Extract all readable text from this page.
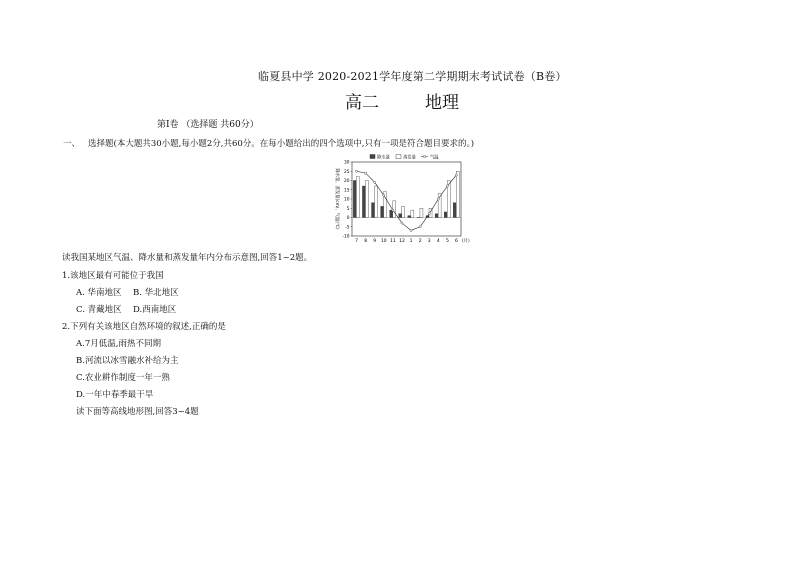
临夏县中学 2020-2021学年度第二学期期末考试试卷（B卷）
高二	地理
第Ⅰ卷 （选择题 共60分）
一、 选择题(本大题共30小题,每小题2分,共60分。在每小题给出的四个选项中,只有一项是符合题目要求的。)
降水量	蒸发量	气温
-10
-5
0
5
10
15
20
25
30
降水量、蒸发量(cm)、气温(℃)
7 8 9 10 11 12 1 2 3 4 5 6 (月)
读我国某地区气温、降水量和蒸发量年内分布示意图,回答1~2题。
1.该地区最有可能位于我国
A. 华南地区 B. 华北地区
C. 青藏地区 D.西南地区
2.下列有关该地区自然环境的叙述,正确的是
A.7月低温,雨热不同期
B.河流以冰雪融水补给为主
C.农业耕作制度一年一熟
D.一年中春季最干旱
读下面等高线地形图,回答3~4题
